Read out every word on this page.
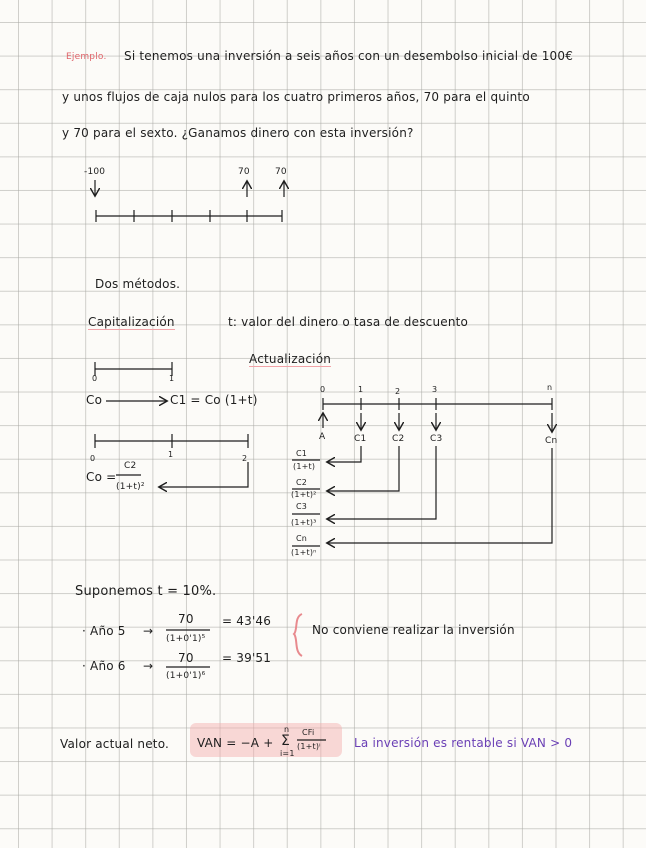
Ejemplo. Si tenemos una inversión a seis años con un desembolso inicial de 100€
y unos flujos de caja nulos para los cuatro primeros años, 70 para el quinto
y 70 para el sexto. ¿Ganamos dinero con esta inversión?
-100	70	70
Dos métodos.
Capitalización	t: valor del dinero o tasa de descuento
Actualización
0	1
Co	C1 = Co (1+t)
0	1	2
Co =
C2
(1+t)²
0	1	2	3	n
A	C1	C2	C3	Cn
C1
(1+t)
C2
(1+t)²
C3
(1+t)³
Cn
(1+t)ⁿ
Suponemos t = 10%.
· Año 5 →
70
(1+0'1)⁵
= 43'46
· Año 6 →
70
(1+0'1)⁶
= 39'51
No conviene realizar la inversión
Valor actual neto. VAN = −A +
n
Σ
i=1
CFi
(1+t)ⁱ	La inversión es rentable si VAN > 0
